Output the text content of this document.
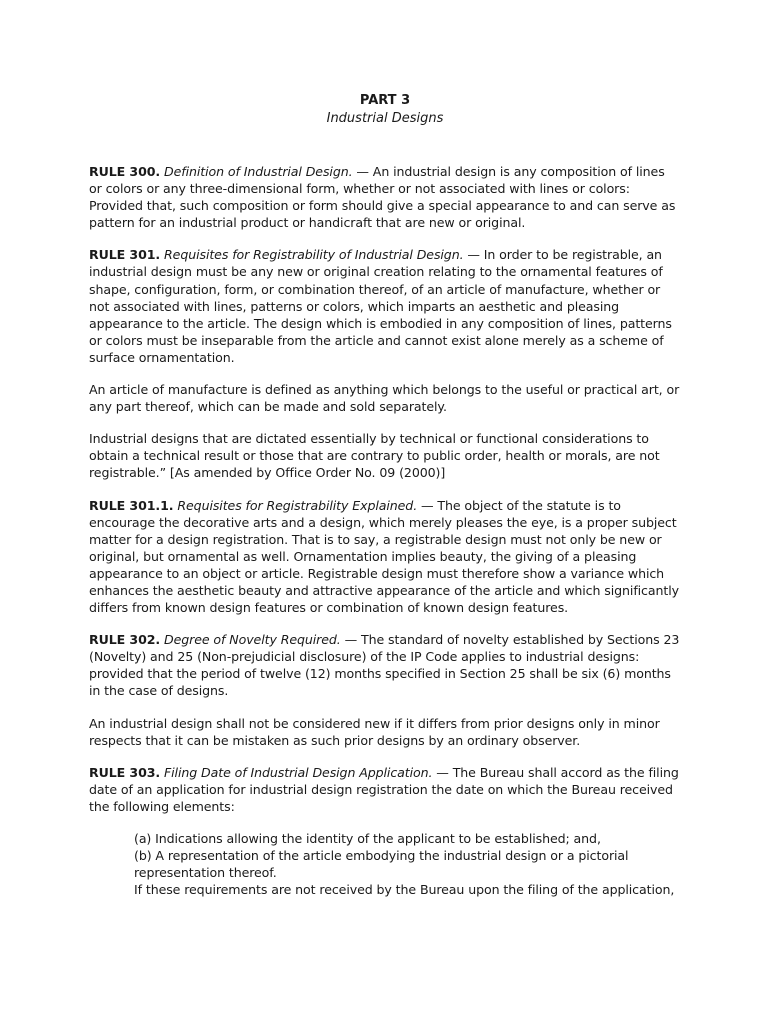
PART 3

Industrial Designs

RULE 300. Definition of Industrial Design. — An industrial design is any composition of lines or colors or any three-dimensional form, whether or not associated with lines or colors: Provided that, such composition or form should give a special appearance to and can serve as pattern for an industrial product or handicraft that are new or original.

RULE 301. Requisites for Registrability of Industrial Design. — In order to be registrable, an industrial design must be any new or original creation relating to the ornamental features of shape, configuration, form, or combination thereof, of an article of manufacture, whether or not associated with lines, patterns or colors, which imparts an aesthetic and pleasing appearance to the article. The design which is embodied in any composition of lines, patterns or colors must be inseparable from the article and cannot exist alone merely as a scheme of surface ornamentation.

An article of manufacture is defined as anything which belongs to the useful or practical art, or any part thereof, which can be made and sold separately.

Industrial designs that are dictated essentially by technical or functional considerations to obtain a technical result or those that are contrary to public order, health or morals, are not registrable.” [As amended by Office Order No. 09 (2000)]

RULE 301.1. Requisites for Registrability Explained. — The object of the statute is to encourage the decorative arts and a design, which merely pleases the eye, is a proper subject matter for a design registration. That is to say, a registrable design must not only be new or original, but ornamental as well. Ornamentation implies beauty, the giving of a pleasing appearance to an object or article. Registrable design must therefore show a variance which enhances the aesthetic beauty and attractive appearance of the article and which significantly differs from known design features or combination of known design features.

RULE 302. Degree of Novelty Required. — The standard of novelty established by Sections 23 (Novelty) and 25 (Non-prejudicial disclosure) of the IP Code applies to industrial designs: provided that the period of twelve (12) months specified in Section 25 shall be six (6) months in the case of designs.

An industrial design shall not be considered new if it differs from prior designs only in minor respects that it can be mistaken as such prior designs by an ordinary observer.

RULE 303. Filing Date of Industrial Design Application. — The Bureau shall accord as the filing date of an application for industrial design registration the date on which the Bureau received the following elements:

(a) Indications allowing the identity of the applicant to be established; and,
(b) A representation of the article embodying the industrial design or a pictorial representation thereof.
If these requirements are not received by the Bureau upon the filing of the application,
